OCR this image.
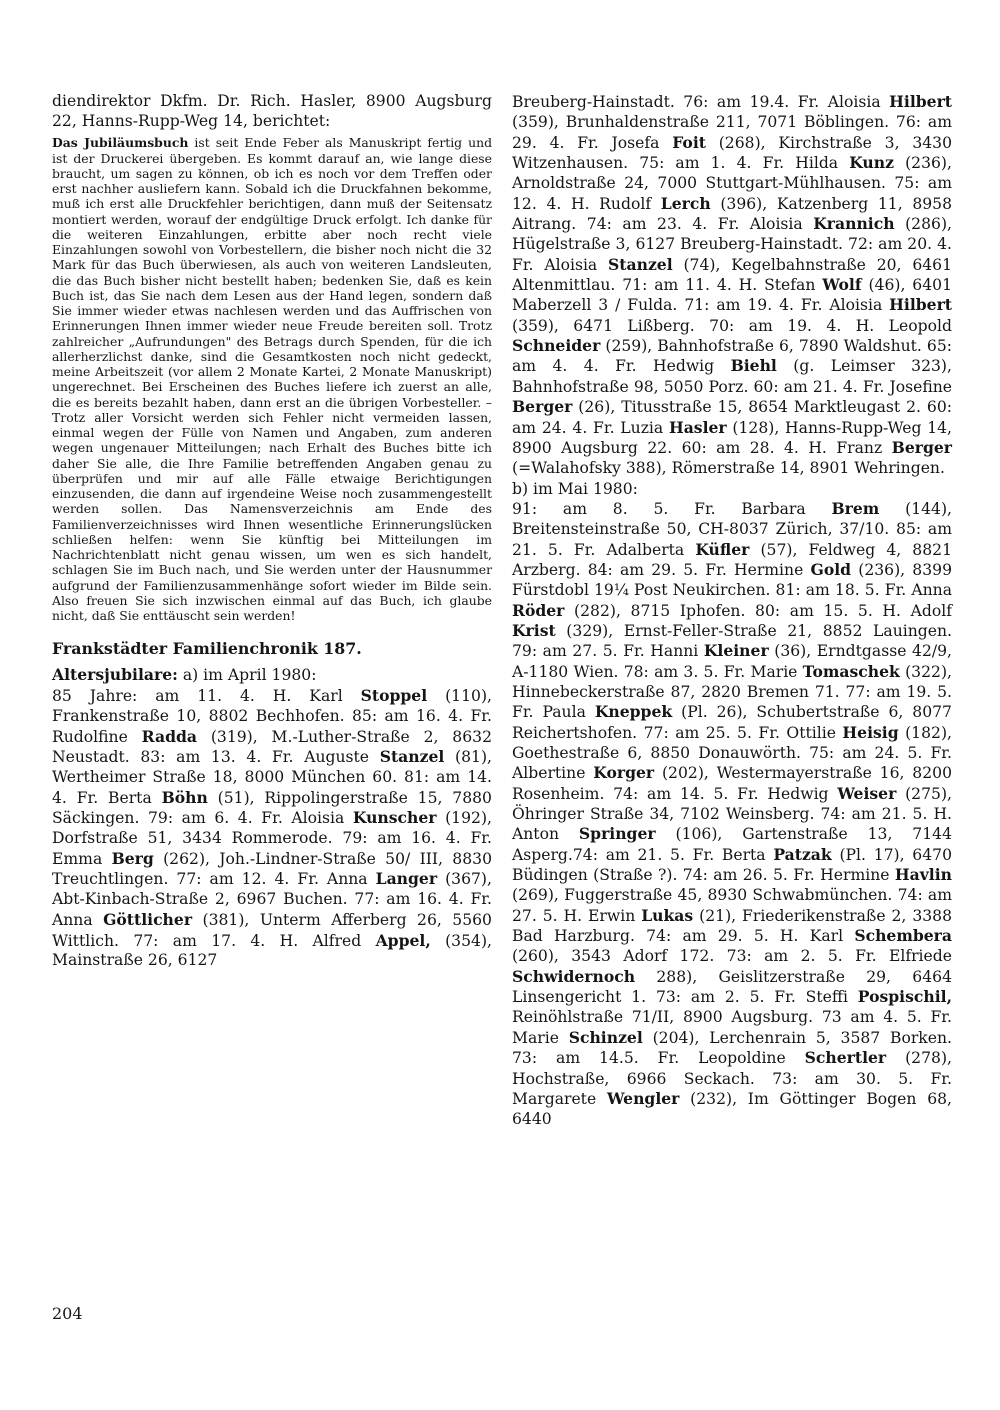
diendirektor Dkfm. Dr. Rich. Hasler, 8900 Augsburg 22, Hanns-Rupp-Weg 14, berichtet:

Das Jubiläumsbuch ist seit Ende Feber als Manuskript fertig und ist der Druckerei übergeben. Es kommt darauf an, wie lange diese braucht, um sagen zu können, ob ich es noch vor dem Treffen oder erst nachher ausliefern kann. Sobald ich die Druckfahnen bekomme, muß ich erst alle Druckfehler berichtigen, dann muß der Seitensatz montiert werden, worauf der endgültige Druck erfolgt. Ich danke für die weiteren Einzahlungen, erbitte aber noch recht viele Einzahlungen sowohl von Vorbestellern, die bisher noch nicht die 32 Mark für das Buch überwiesen, als auch von weiteren Landsleuten, die das Buch bisher nicht bestellt haben; bedenken Sie, daß es kein Buch ist, das Sie nach dem Lesen aus der Hand legen, sondern daß Sie immer wieder etwas nachlesen werden und das Auffrischen von Erinnerungen Ihnen immer wieder neue Freude bereiten soll. Trotz zahlreicher „Aufrundungen" des Betrags durch Spenden, für die ich allerherzlichst danke, sind die Gesamtkosten noch nicht gedeckt, meine Arbeitszeit (vor allem 2 Monate Kartei, 2 Monate Manuskript) ungerechnet. Bei Erscheinen des Buches liefere ich zuerst an alle, die es bereits bezahlt haben, dann erst an die übrigen Vorbesteller. – Trotz aller Vorsicht werden sich Fehler nicht vermeiden lassen, einmal wegen der Fülle von Namen und Angaben, zum anderen wegen ungenauer Mitteilungen; nach Erhalt des Buches bitte ich daher Sie alle, die Ihre Familie betreffenden Angaben genau zu überprüfen und mir auf alle Fälle etwaige Berichtigungen einzusenden, die dann auf irgendeine Weise noch zusammengestellt werden sollen. Das Namensverzeichnis am Ende des Familienverzeichnisses wird Ihnen wesentliche Erinnerungslücken schließen helfen: wenn Sie künftig bei Mitteilungen im Nachrichtenblatt nicht genau wissen, um wen es sich handelt, schlagen Sie im Buch nach, und Sie werden unter der Hausnummer aufgrund der Familienzusammenhänge sofort wieder im Bilde sein. Also freuen Sie sich inzwischen einmal auf das Buch, ich glaube nicht, daß Sie enttäuscht sein werden!

Frankstädter Familienchronik 187.

Altersjubilare: a) im April 1980:
85 Jahre: am 11. 4. H. Karl Stoppel (110), Frankenstraße 10, 8802 Bechhofen. 85: am 16. 4. Fr. Rudolfine Radda (319), M.-Luther-Straße 2, 8632 Neustadt. 83: am 13. 4. Fr. Auguste Stanzel (81), Wertheimer Straße 18, 8000 München 60. 81: am 14. 4. Fr. Berta Böhn (51), Rippolingerstraße 15, 7880 Säckingen. 79: am 6. 4. Fr. Aloisia Kunscher (192), Dorfstraße 51, 3434 Rommerode. 79: am 16. 4. Fr. Emma Berg (262), Joh.-Lindner-Straße 50/ III, 8830 Treuchtlingen. 77: am 12. 4. Fr. Anna Langer (367), Abt-Kinbach-Straße 2, 6967 Buchen. 77: am 16. 4. Fr. Anna Göttlicher (381), Unterm Afferberg 26, 5560 Wittlich. 77: am 17. 4. H. Alfred Appel, (354), Mainstraße 26, 6127

Breuberg-Hainstadt. 76: am 19.4. Fr. Aloisia Hilbert (359), Brunhaldenstraße 211, 7071 Böblingen. 76: am 29. 4. Fr. Josefa Foit (268), Kirchstraße 3, 3430 Witzenhausen. 75: am 1. 4. Fr. Hilda Kunz (236), Arnoldstraße 24, 7000 Stuttgart-Mühlhausen. 75: am 12. 4. H. Rudolf Lerch (396), Katzenberg 11, 8958 Aitrang. 74: am 23. 4. Fr. Aloisia Krannich (286), Hügelstraße 3, 6127 Breuberg-Hainstadt. 72: am 20. 4. Fr. Aloisia Stanzel (74), Kegelbahnstraße 20, 6461 Altenmittlau. 71: am 11. 4. H. Stefan Wolf (46), 6401 Maberzell 3 / Fulda. 71: am 19. 4. Fr. Aloisia Hilbert (359), 6471 Lißberg. 70: am 19. 4. H. Leopold Schneider (259), Bahnhofstraße 6, 7890 Waldshut. 65: am 4. 4. Fr. Hedwig Biehl (g. Leimser 323), Bahnhofstraße 98, 5050 Porz. 60: am 21. 4. Fr. Josefine Berger (26), Titusstraße 15, 8654 Marktleugast 2. 60: am 24. 4. Fr. Luzia Hasler (128), Hanns-Rupp-Weg 14, 8900 Augsburg 22. 60: am 28. 4. H. Franz Berger (=Walahofsky 388), Römerstraße 14, 8901 Wehringen.
b) im Mai 1980:
91: am 8. 5. Fr. Barbara Brem (144), Breitensteinstraße 50, CH-8037 Zürich, 37/10. 85: am 21. 5. Fr. Adalberta Küfler (57), Feldweg 4, 8821 Arzberg. 84: am 29. 5. Fr. Hermine Gold (236), 8399 Fürstdobl 19¼ Post Neukirchen. 81: am 18. 5. Fr. Anna Röder (282), 8715 Iphofen. 80: am 15. 5. H. Adolf Krist (329), Ernst-Feller-Straße 21, 8852 Lauingen. 79: am 27. 5. Fr. Hanni Kleiner (36), Erndtgasse 42/9, A-1180 Wien. 78: am 3. 5. Fr. Marie Tomaschek (322), Hinnebeckerstraße 87, 2820 Bremen 71. 77: am 19. 5. Fr. Paula Kneppek (Pl. 26), Schubertstraße 6, 8077 Reichertshofen. 77: am 25. 5. Fr. Ottilie Heisig (182), Goethestraße 6, 8850 Donauwörth. 75: am 24. 5. Fr. Albertine Korger (202), Westermayerstraße 16, 8200 Rosenheim. 74: am 14. 5. Fr. Hedwig Weiser (275), Öhringer Straße 34, 7102 Weinsberg. 74: am 21. 5. H. Anton Springer (106), Gartenstraße 13, 7144 Asperg.74: am 21. 5. Fr. Berta Patzak (Pl. 17), 6470 Büdingen (Straße ?). 74: am 26. 5. Fr. Hermine Havlin (269), Fuggerstraße 45, 8930 Schwabmünchen. 74: am 27. 5. H. Erwin Lukas (21), Friederikenstraße 2, 3388 Bad Harzburg. 74: am 29. 5. H. Karl Schembera (260), 3543 Adorf 172. 73: am 2. 5. Fr. Elfriede Schwidernoch 288), Geislitzerstraße 29, 6464 Linsengericht 1. 73: am 2. 5. Fr. Steffi Pospischil, Reinöhlstraße 71/II, 8900 Augsburg. 73 am 4. 5. Fr. Marie Schinzel (204), Lerchenrain 5, 3587 Borken. 73: am 14.5. Fr. Leopoldine Schertler (278), Hochstraße, 6966 Seckach. 73: am 30. 5. Fr. Margarete Wengler (232), Im Göttinger Bogen 68, 6440

204
